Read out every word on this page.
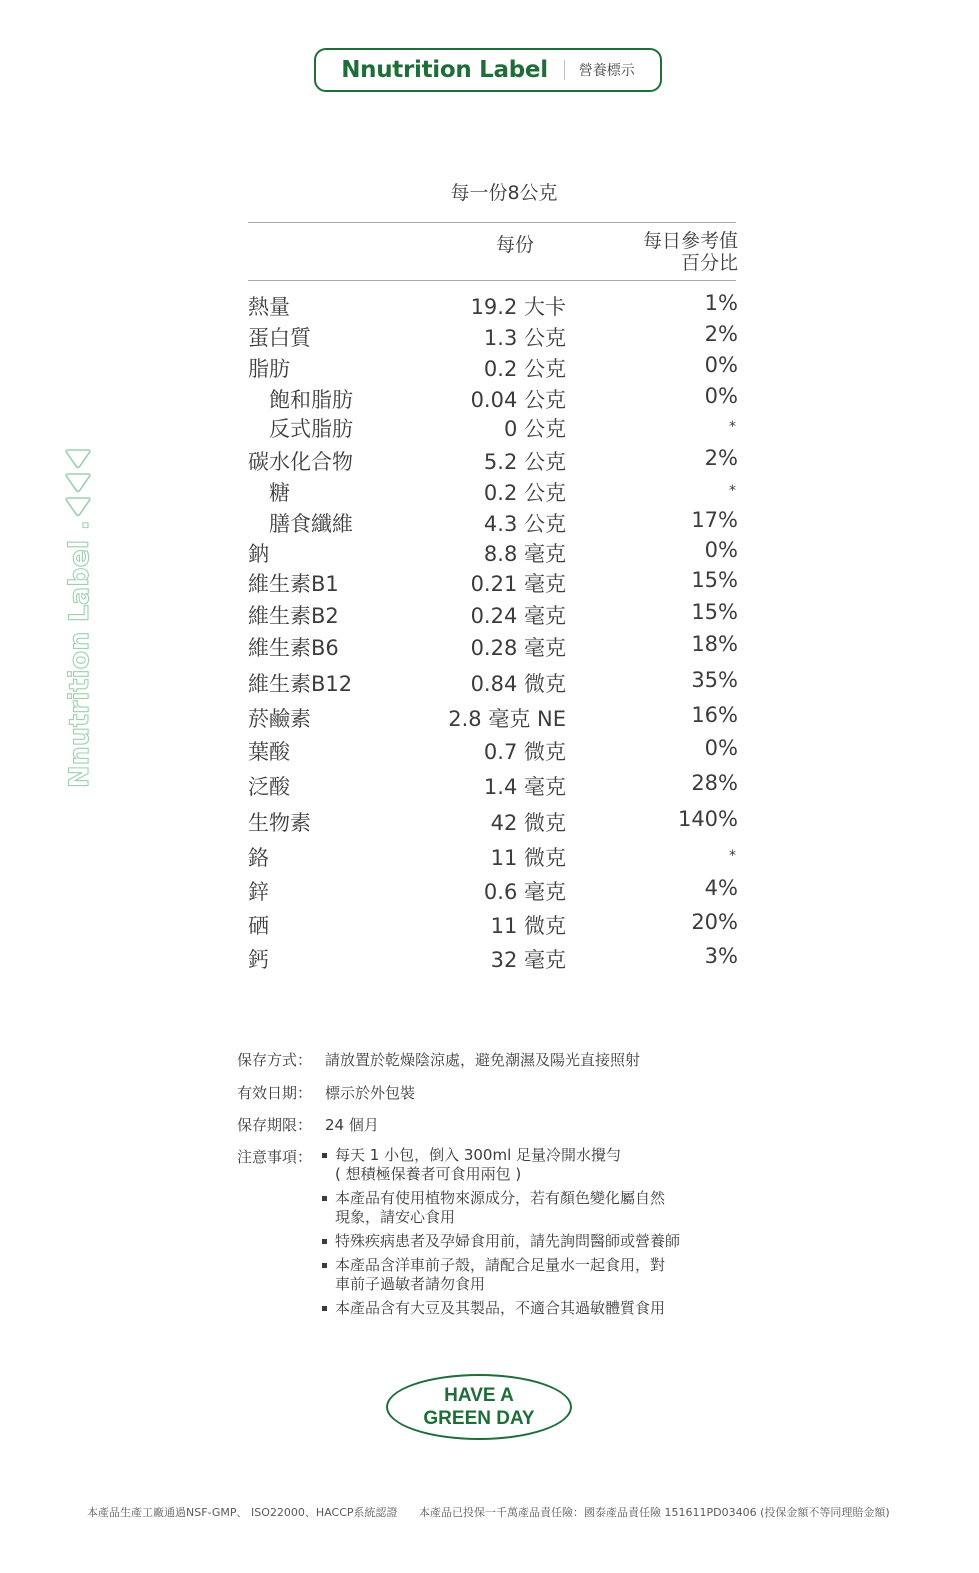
Nnutrition Label 營養標示
Nnutrition Label .
每一份8公克
每份	每日參考值
百分比
熱量	19.2 大卡	1%
蛋白質	1.3 公克	2%
脂肪	0.2 公克	0%
飽和脂肪	0.04 公克	0%
反式脂肪	0 公克	*
碳水化合物	5.2 公克	2%
糖	0.2 公克	*
膳食纖維	4.3 公克	17%
鈉	8.8 毫克	0%
維生素B1	0.21 毫克	15%
維生素B2	0.24 毫克	15%
維生素B6	0.28 毫克	18%
維生素B12	0.84 微克	35%
菸鹼素	2.8 毫克 NE	16%
葉酸	0.7 微克	0%
泛酸	1.4 毫克	28%
生物素	42 微克	140%
鉻	11 微克	*
鋅	0.6 毫克	4%
硒	11 微克	20%
鈣	32 毫克	3%
保存方式： 請放置於乾燥陰涼處，避免潮濕及陽光直接照射
有效日期： 標示於外包裝
保存期限： 24 個月
注意事項： 每天 1 小包，倒入 300ml 足量冷開水攪勻
( 想積極保養者可食用兩包 )
本產品有使用植物來源成分，若有顏色變化屬自然
現象，請安心食用
特殊疾病患者及孕婦食用前，請先詢問醫師或營養師
本產品含洋車前子殼，請配合足量水一起食用，對
車前子過敏者請勿食用
本產品含有大豆及其製品，不適合其過敏體質食用
HAVE A
GREEN DAY
本產品生產工廠通過NSF-GMP、 ISO22000、HACCP系統認證 本產品已投保一千萬產品責任險：國泰產品責任險 151611PD03406 (投保金額不等同理賠金額)
